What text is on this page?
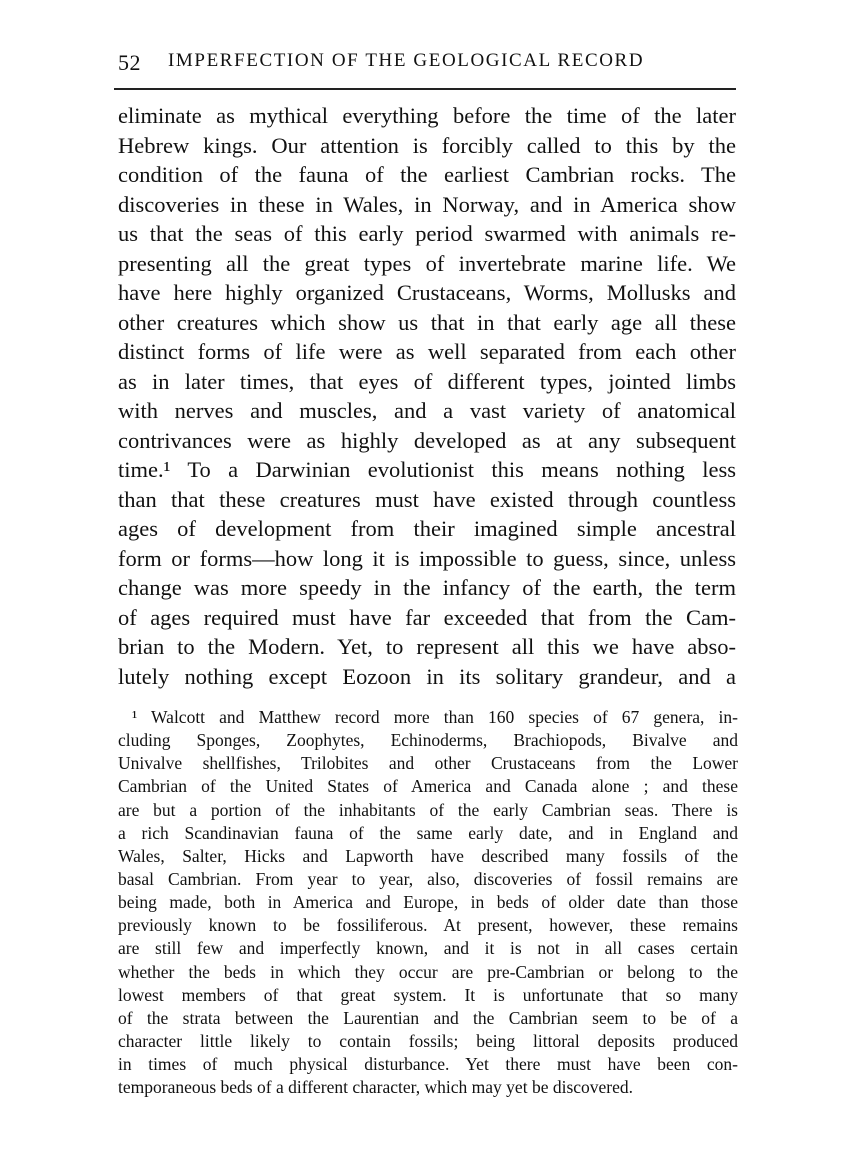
52 IMPERFECTION OF THE GEOLOGICAL RECORD
eliminate as mythical everything before the time of the later
Hebrew kings. Our attention is forcibly called to this by the
condition of the fauna of the earliest Cambrian rocks. The
discoveries in these in Wales, in Norway, and in America show
us that the seas of this early period swarmed with animals re-
presenting all the great types of invertebrate marine life. We
have here highly organized Crustaceans, Worms, Mollusks and
other creatures which show us that in that early age all these
distinct forms of life were as well separated from each other
as in later times, that eyes of different types, jointed limbs
with nerves and muscles, and a vast variety of anatomical
contrivances were as highly developed as at any subsequent
time.¹ To a Darwinian evolutionist this means nothing less
than that these creatures must have existed through countless
ages of development from their imagined simple ancestral
form or forms—how long it is impossible to guess, since, unless
change was more speedy in the infancy of the earth, the term
of ages required must have far exceeded that from the Cam-
brian to the Modern. Yet, to represent all this we have abso-
lutely nothing except Eozoon in its solitary grandeur, and a
¹ Walcott and Matthew record more than 160 species of 67 genera, in-
cluding Sponges, Zoophytes, Echinoderms, Brachiopods, Bivalve and
Univalve shellfishes, Trilobites and other Crustaceans from the Lower
Cambrian of the United States of America and Canada alone ; and these
are but a portion of the inhabitants of the early Cambrian seas. There is
a rich Scandinavian fauna of the same early date, and in England and
Wales, Salter, Hicks and Lapworth have described many fossils of the
basal Cambrian. From year to year, also, discoveries of fossil remains are
being made, both in America and Europe, in beds of older date than those
previously known to be fossiliferous. At present, however, these remains
are still few and imperfectly known, and it is not in all cases certain
whether the beds in which they occur are pre-Cambrian or belong to the
lowest members of that great system. It is unfortunate that so many
of the strata between the Laurentian and the Cambrian seem to be of a
character little likely to contain fossils; being littoral deposits produced
in times of much physical disturbance. Yet there must have been con-
temporaneous beds of a different character, which may yet be discovered.
